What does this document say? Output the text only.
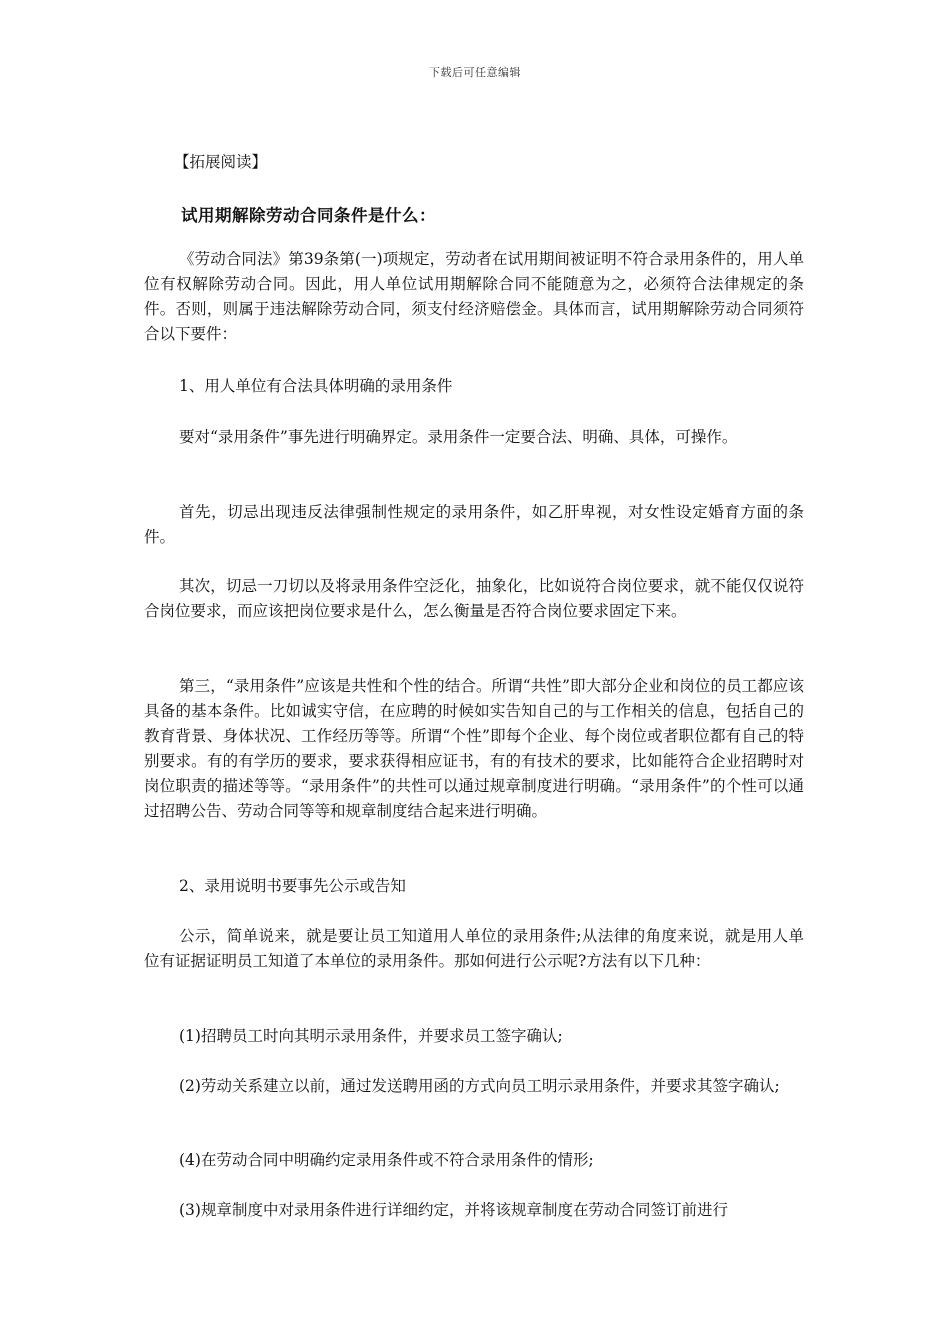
下载后可任意编辑
【拓展阅读】
试用期解除劳动合同条件是什么：

《劳动合同法》第39条第(一)项规定，劳动者在试用期间被证明不符合录用条件的，用人单位有权解除劳动合同。因此，用人单位试用期解除合同不能随意为之，必须符合法律规定的条件。否则，则属于违法解除劳动合同，须支付经济赔偿金。具体而言，试用期解除劳动合同须符合以下要件：

1、用人单位有合法具体明确的录用条件

要对“录用条件”事先进行明确界定。录用条件一定要合法、明确、具体，可操作。

首先，切忌出现违反法律强制性规定的录用条件，如乙肝卑视，对女性设定婚育方面的条件。

其次，切忌一刀切以及将录用条件空泛化，抽象化，比如说符合岗位要求，就不能仅仅说符合岗位要求，而应该把岗位要求是什么，怎么衡量是否符合岗位要求固定下来。

第三，“录用条件”应该是共性和个性的结合。所谓“共性”即大部分企业和岗位的员工都应该具备的基本条件。比如诚实守信，在应聘的时候如实告知自己的与工作相关的信息，包括自己的教育背景、身体状况、工作经历等等。所谓“个性”即每个企业、每个岗位或者职位都有自己的特别要求。有的有学历的要求，要求获得相应证书，有的有技术的要求，比如能符合企业招聘时对岗位职责的描述等等。“录用条件”的共性可以通过规章制度进行明确。“录用条件”的个性可以通过招聘公告、劳动合同等等和规章制度结合起来进行明确。

2、录用说明书要事先公示或告知

公示，简单说来，就是要让员工知道用人单位的录用条件;从法律的角度来说，就是用人单位有证据证明员工知道了本单位的录用条件。那如何进行公示呢?方法有以下几种：

(1)招聘员工时向其明示录用条件，并要求员工签字确认;

(2)劳动关系建立以前，通过发送聘用函的方式向员工明示录用条件，并要求其签字确认;

(4)在劳动合同中明确约定录用条件或不符合录用条件的情形;

(3)规章制度中对录用条件进行详细约定，并将该规章制度在劳动合同签订前进行
